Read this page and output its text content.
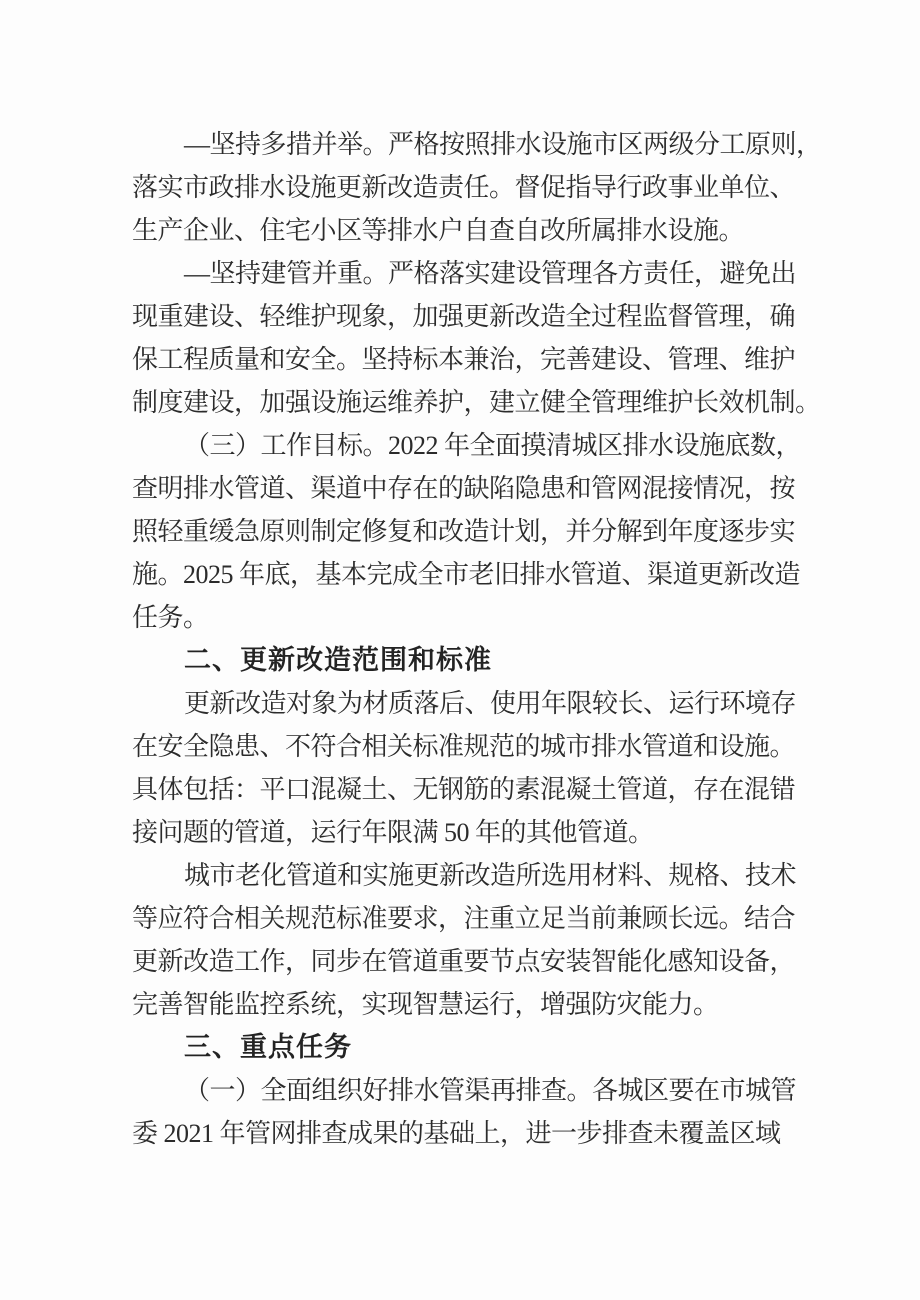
—坚持多措并举。严格按照排水设施市区两级分工原则，
落实市政排水设施更新改造责任。督促指导行政事业单位、
生产企业、住宅小区等排水户自查自改所属排水设施。
—坚持建管并重。严格落实建设管理各方责任，避免出
现重建设、轻维护现象，加强更新改造全过程监督管理，确
保工程质量和安全。坚持标本兼治，完善建设、管理、维护
制度建设，加强设施运维养护，建立健全管理维护长效机制。
（三）工作目标。2022 年全面摸清城区排水设施底数，
查明排水管道、渠道中存在的缺陷隐患和管网混接情况，按
照轻重缓急原则制定修复和改造计划，并分解到年度逐步实
施。2025 年底，基本完成全市老旧排水管道、渠道更新改造
任务。
二、更新改造范围和标准
更新改造对象为材质落后、使用年限较长、运行环境存
在安全隐患、不符合相关标准规范的城市排水管道和设施。
具体包括：平口混凝土、无钢筋的素混凝土管道，存在混错
接问题的管道，运行年限满 50 年的其他管道。
城市老化管道和实施更新改造所选用材料、规格、技术
等应符合相关规范标准要求，注重立足当前兼顾长远。结合
更新改造工作，同步在管道重要节点安装智能化感知设备，
完善智能监控系统，实现智慧运行，增强防灾能力。
三、重点任务
（一）全面组织好排水管渠再排查。各城区要在市城管
委 2021 年管网排查成果的基础上，进一步排查未覆盖区域
